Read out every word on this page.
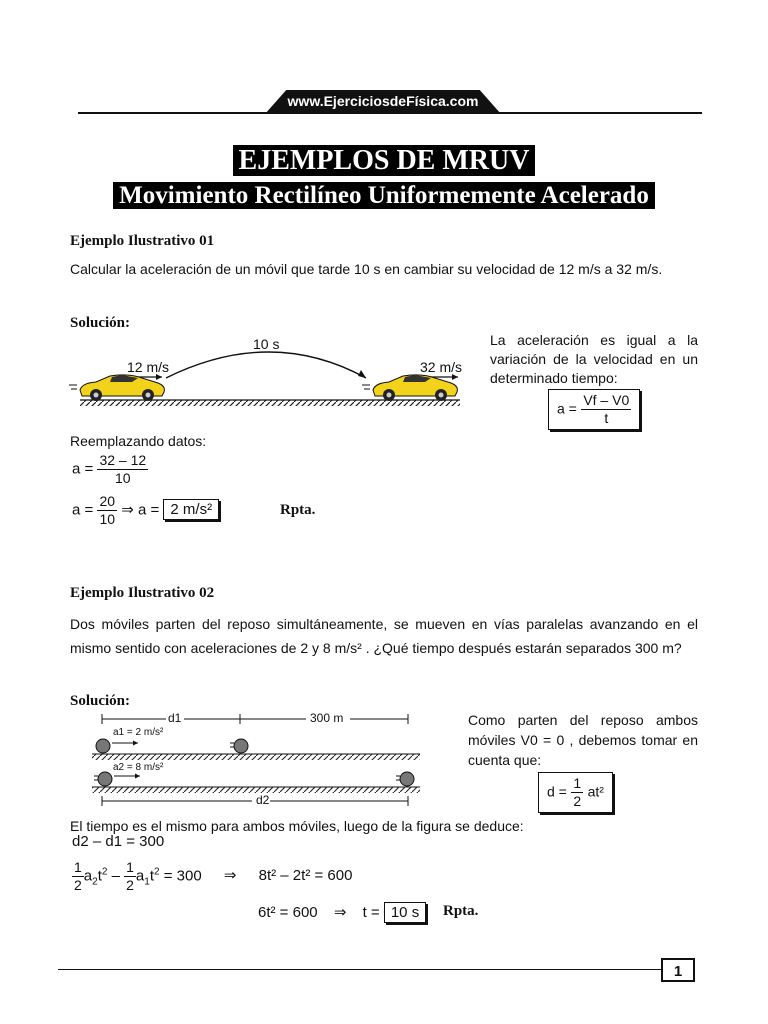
www.EjerciciosdeFísica.com
EJEMPLOS DE MRUV
Movimiento Rectilíneo Uniformemente Acelerado
Ejemplo Ilustrativo 01
Calcular la aceleración de un móvil que tarde 10 s en cambiar su velocidad de 12 m/s a 32 m/s.
Solución:
10 s
12 m/s	32 m/s
La aceleración es igual a la variación de la velocidad en un determinado tiempo:
$a = \frac{Vf - V0}{t}$
Reemplazando datos:
$a = \frac{32 - 12}{10}$
$a = \frac{20}{10}$ ⇒ a = 2 m/s²	Rpta.
Ejemplo Ilustrativo 02
Dos móviles parten del reposo simultáneamente, se mueven en vías paralelas avanzando en el mismo sentido con aceleraciones de 2 y 8 m/s² . ¿Qué tiempo después estarán separados 300 m?
Solución:
d1	300 m
a1 = 2 m/s²
a2 = 8 m/s²
d2
Como parten del reposo ambos móviles V0 = 0 , debemos tomar en cuenta que:
$d = \frac{1}{2} at^2$
El tiempo es el mismo para ambos móviles, luego de la figura se deduce:
d2 – d1 = 300
$\frac{1}{2} a_2t^2 - \frac{1}{2} a_1t^2 = 300$ ⇒ 8t² – 2t² = 600
6t² = 600 ⇒ t = 10 s	Rpta.
1
